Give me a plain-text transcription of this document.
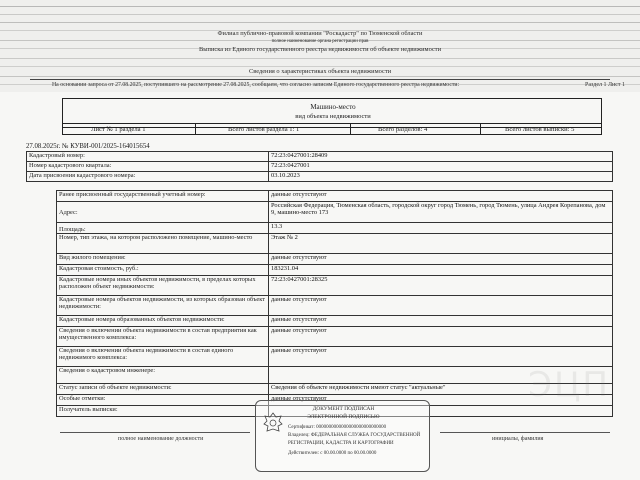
Филиал публично-правовой компании "Роскадастр" по Тюменской области
полное наименование органа регистрации прав
Выписка из Единого государственного реестра недвижимости об объекте недвижимости
Сведения о характеристиках объекта недвижимости
На основании запроса от 27.08.2025, поступившего на рассмотрение 27.08.2025, сообщаем, что согласно записям Единого государственного реестра недвижимости:	Раздел 1 Лист 1
Машино-место
вид объекта недвижимости
Лист № 1 раздела 1	Всего листов раздела 1: 1	Всего разделов: 4	Всего листов выписки: 5
27.08.2025г. № КУВИ-001/2025-164015654
Кадастровый номер:	72:23:0427001:28409
Номер кадастрового квартала:	72:23:0427001
Дата присвоения кадастрового номера:	03.10.2023
Ранее присвоенный государственный учетный номер:	данные отсутствуют
Адрес:	Российская Федерация, Тюменская область, городской округ город Тюмень, город Тюмень, улица Андрея Корепанова, дом 9, машино-место 173
Площадь:	13.3
Номер, тип этажа, на котором расположено помещение, машино-место	Этаж № 2
Вид жилого помещения:	данные отсутствуют
Кадастровая стоимость, руб.:	183231.04
Кадастровые номера иных объектов недвижимости, в пределах которых расположен объект недвижимости:	72:23:0427001:28325
Кадастровые номера объектов недвижимости, из которых образован объект недвижимости:	данные отсутствуют
Кадастровые номера образованных объектов недвижимости:	данные отсутствуют
Сведения о включении объекта недвижимости в состав предприятия как имущественного комплекса:	данные отсутствуют
Сведения о включении объекта недвижимости в состав единого недвижимого комплекса:	данные отсутствуют
Сведения о кадастровом инженере:	
Статус записи об объекте недвижимости:	Сведения об объекте недвижимости имеют статус "актуальные"
Особые отметки:	данные отсутствуют
Получатель выписки:	
ЭЦП
полное наименование должности	инициалы, фамилия
ДОКУМЕНТ ПОДПИСАН
ЭЛЕКТРОННОЙ ПОДПИСЬЮ
Сертификат: 0000000000000000000000000000
Владелец: ФЕДЕРАЛЬНАЯ СЛУЖБА ГОСУДАРСТВЕННОЙ
РЕГИСТРАЦИИ, КАДАСТРА И КАРТОГРАФИИ
Действителен: с 00.00.0000 по 00.00.0000
